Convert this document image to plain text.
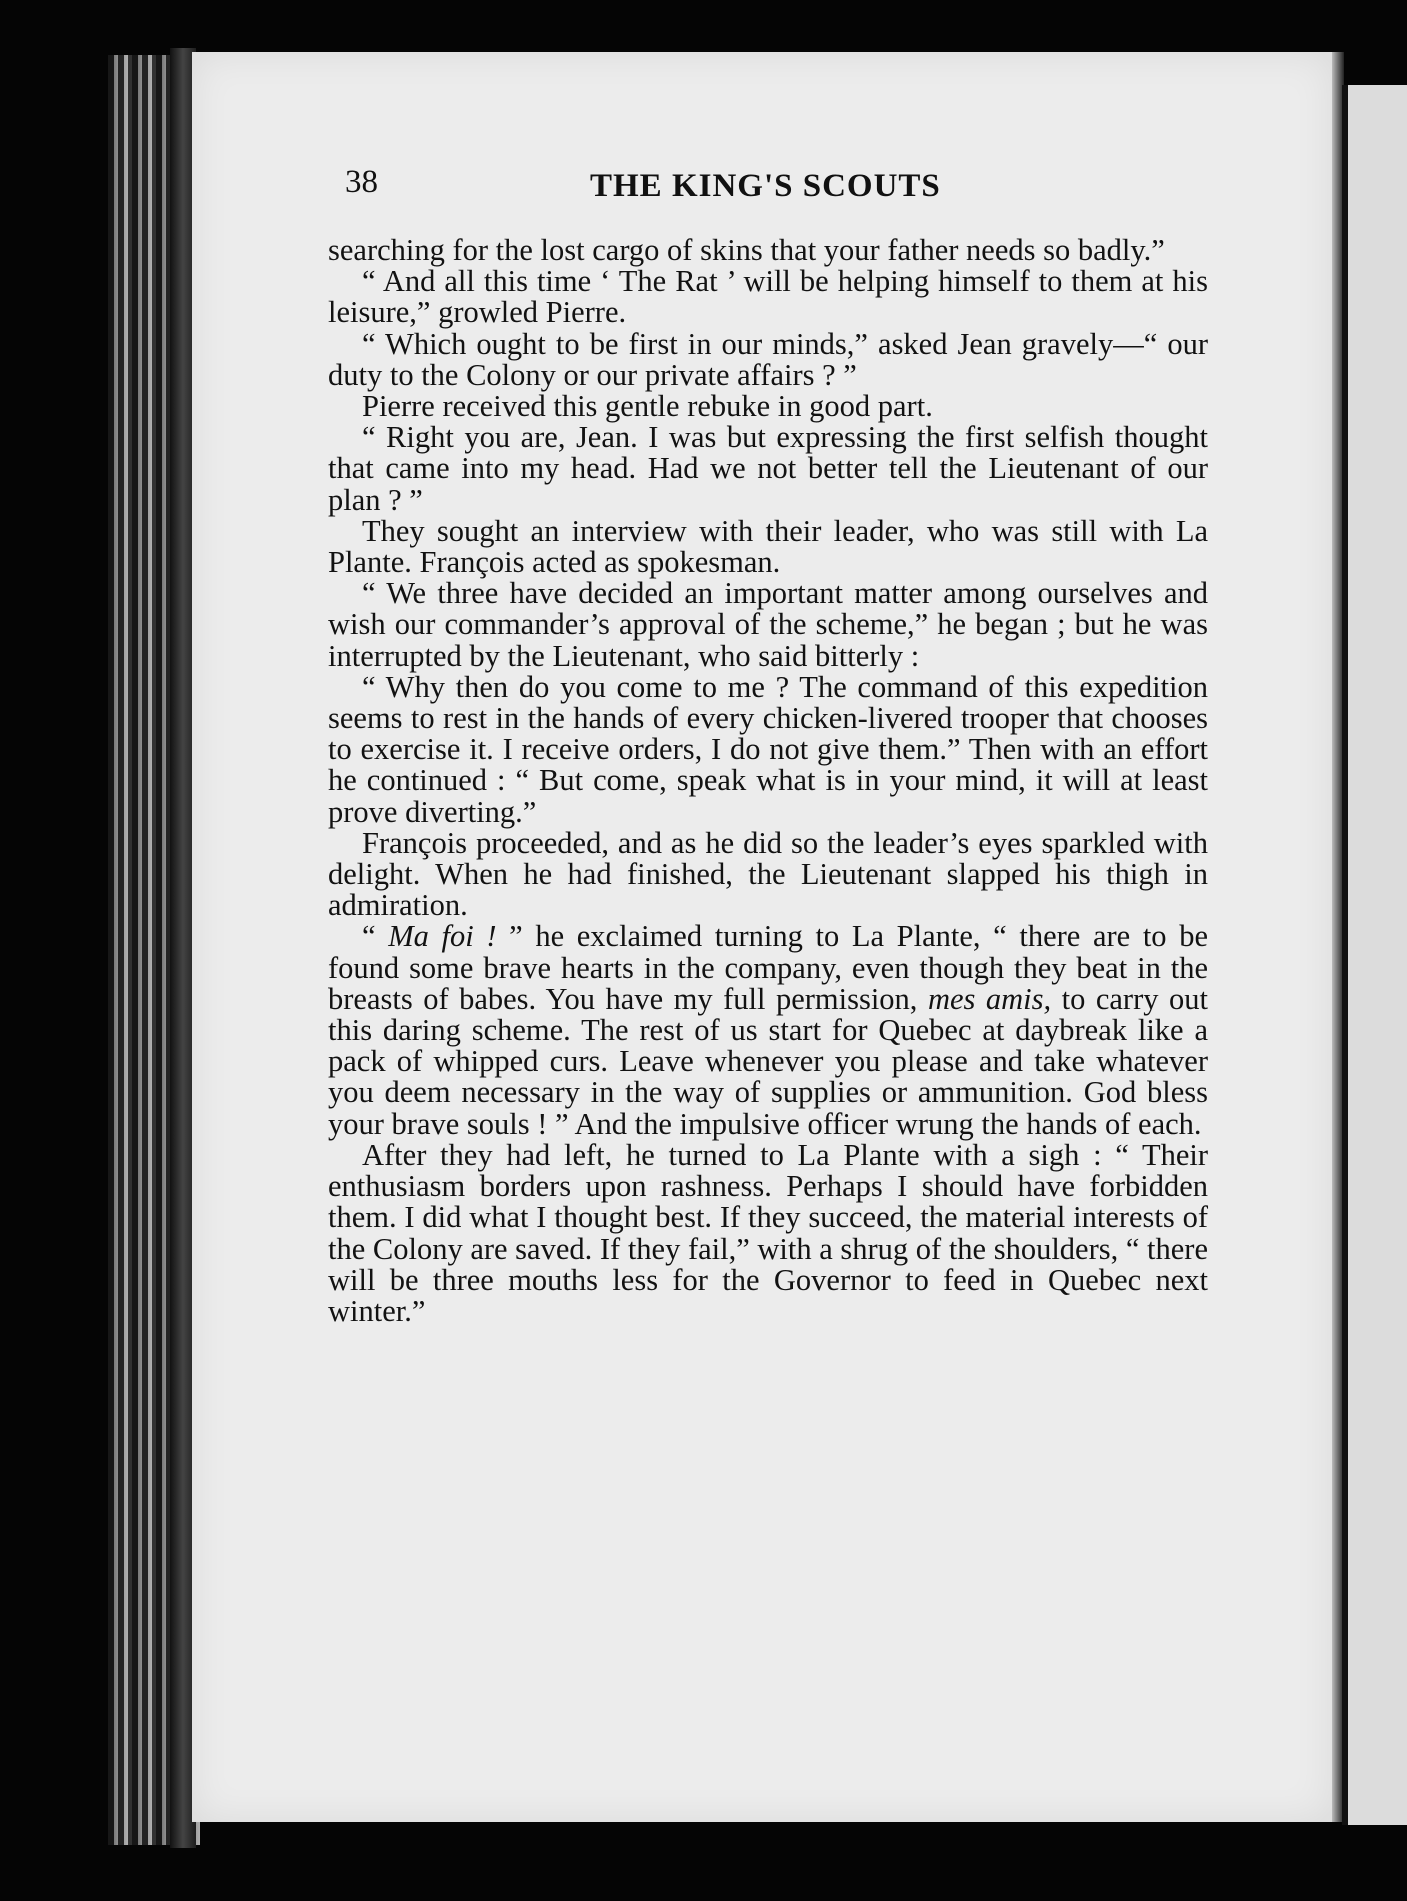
38	THE KING'S SCOUTS

searching for the lost cargo of skins that your father needs so badly.”

“ And all this time ‘ The Rat ’ will be helping himself to them at his leisure,” growled Pierre.

“ Which ought to be first in our minds,” asked Jean gravely—“ our duty to the Colony or our private affairs ? ”

Pierre received this gentle rebuke in good part.

“ Right you are, Jean. I was but expressing the first selfish thought that came into my head. Had we not better tell the Lieutenant of our plan ? ”

They sought an interview with their leader, who was still with La Plante. François acted as spokesman.

“ We three have decided an important matter among ourselves and wish our commander’s approval of the scheme,” he began ; but he was interrupted by the Lieutenant, who said bitterly :

“ Why then do you come to me ? The command of this expedition seems to rest in the hands of every chicken-livered trooper that chooses to exercise it. I receive orders, I do not give them.” Then with an effort he continued : “ But come, speak what is in your mind, it will at least prove diverting.”

François proceeded, and as he did so the leader’s eyes sparkled with delight. When he had finished, the Lieutenant slapped his thigh in admiration.

“ Ma foi ! ” he exclaimed turning to La Plante, “ there are to be found some brave hearts in the company, even though they beat in the breasts of babes. You have my full permission, mes amis, to carry out this daring scheme. The rest of us start for Quebec at daybreak like a pack of whipped curs. Leave whenever you please and take whatever you deem necessary in the way of supplies or ammunition. God bless your brave souls ! ” And the impulsive officer wrung the hands of each.

After they had left, he turned to La Plante with a sigh : “ Their enthusiasm borders upon rashness. Perhaps I should have forbidden them. I did what I thought best. If they succeed, the material interests of the Colony are saved. If they fail,” with a shrug of the shoulders, “ there will be three mouths less for the Governor to feed in Quebec next winter.”
